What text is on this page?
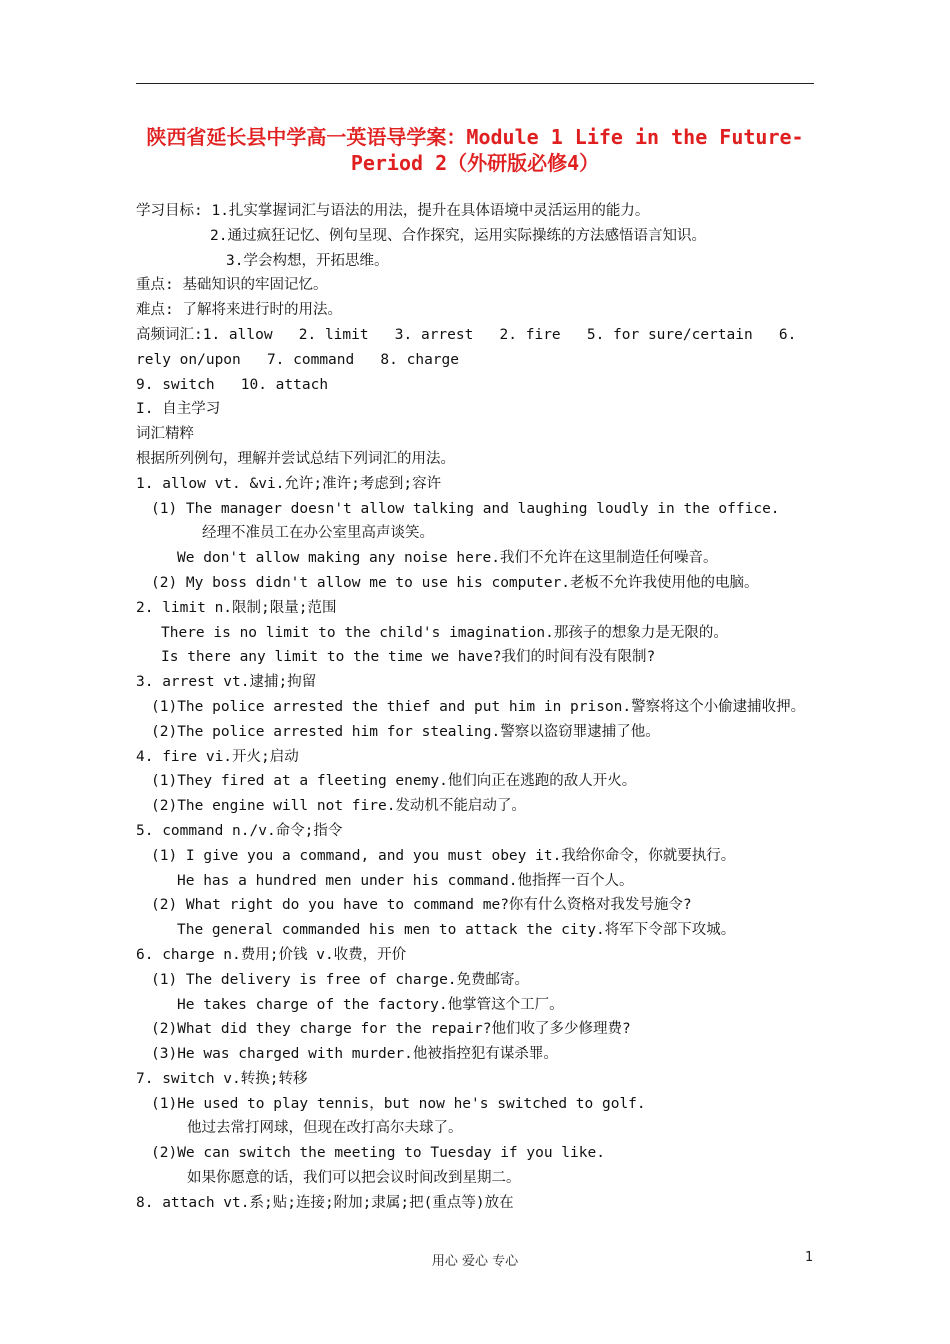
陕西省延长县中学高一英语导学案：Module 1 Life in the Future-
Period 2（外研版必修4）
学习目标: 1.扎实掌握词汇与语法的用法，提升在具体语境中灵活运用的能力。
2.通过疯狂记忆、例句呈现、合作探究，运用实际操练的方法感悟语言知识。
3.学会构想，开拓思维。
重点: 基础知识的牢固记忆。
难点: 了解将来进行时的用法。
高频词汇:1. allow   2. limit   3. arrest   2. fire   5. for sure/certain   6.
rely on/upon   7. command   8. charge
9. switch   10. attach
I. 自主学习
词汇精粹
根据所列例句，理解并尝试总结下列词汇的用法。
1. allow vt. &vi.允许;准许;考虑到;容许
(1) The manager doesn't allow talking and laughing loudly in the office.
经理不准员工在办公室里高声谈笑。
We don't allow making any noise here.我们不允许在这里制造任何噪音。
(2) My boss didn't allow me to use his computer.老板不允许我使用他的电脑。
2. limit n.限制;限量;范围
There is no limit to the child's imagination.那孩子的想象力是无限的。
Is there any limit to the time we have?我们的时间有没有限制?
3. arrest vt.逮捕;拘留
(1)The police arrested the thief and put him in prison.警察将这个小偷逮捕收押。
(2)The police arrested him for stealing.警察以盗窃罪逮捕了他。
4. fire vi.开火;启动
(1)They fired at a fleeting enemy.他们向正在逃跑的敌人开火。
(2)The engine will not fire.发动机不能启动了。
5. command n./v.命令;指令
(1) I give you a command, and you must obey it.我给你命令，你就要执行。
He has a hundred men under his command.他指挥一百个人。
(2) What right do you have to command me?你有什么资格对我发号施令?
The general commanded his men to attack the city.将军下令部下攻城。
6. charge n.费用;价钱 v.收费，开价
(1) The delivery is free of charge.免费邮寄。
He takes charge of the factory.他掌管这个工厂。
(2)What did they charge for the repair?他们收了多少修理费?
(3)He was charged with murder.他被指控犯有谋杀罪。
7. switch v.转换;转移
(1)He used to play tennis，but now he's switched to golf.
他过去常打网球，但现在改打高尔夫球了。
(2)We can switch the meeting to Tuesday if you like.
如果你愿意的话，我们可以把会议时间改到星期二。
8. attach vt.系;贴;连接;附加;隶属;把(重点等)放在
用心 爱心 专心	1
